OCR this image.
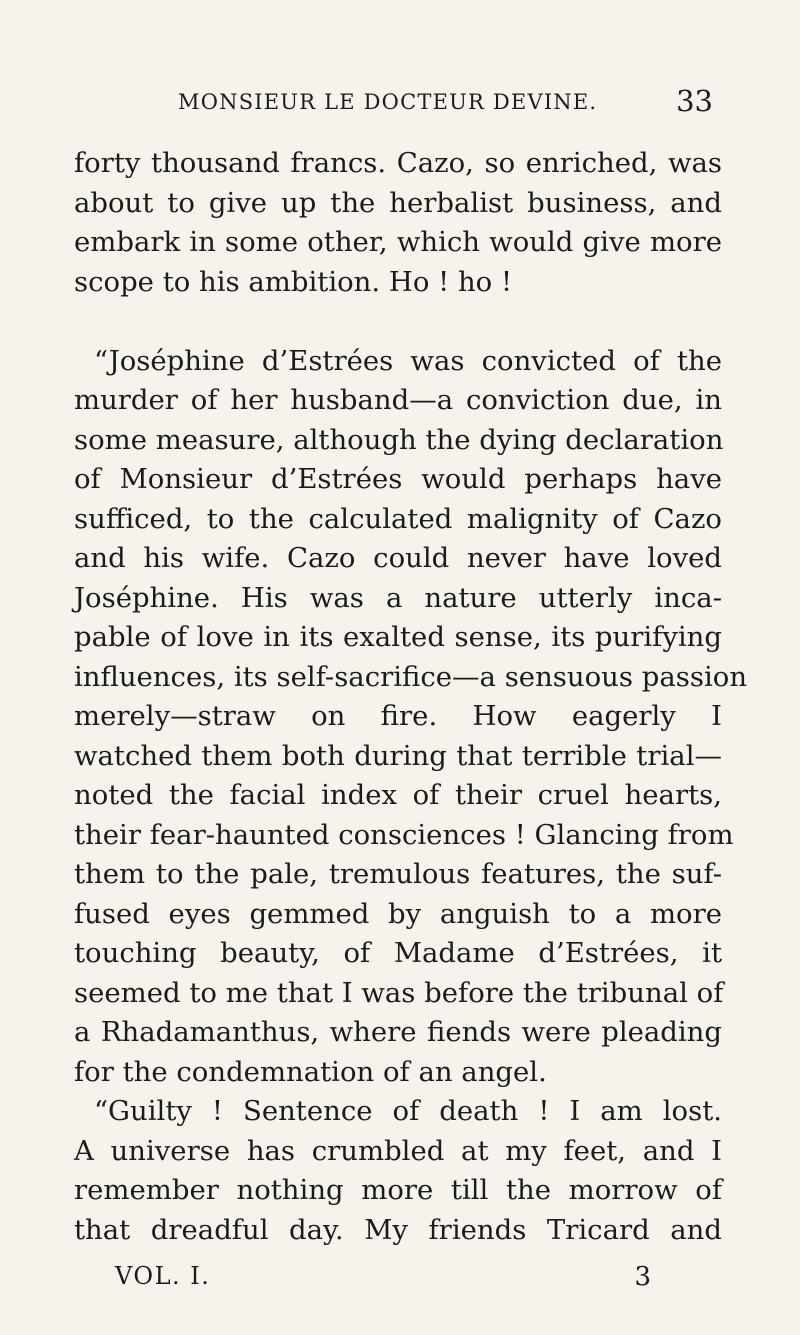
MONSIEUR LE DOCTEUR DEVINE.	33
forty thousand francs. Cazo, so enriched, was
about to give up the herbalist business, and
embark in some other, which would give more
scope to his ambition. Ho ! ho !
“Joséphine d’Estrées was convicted of the
murder of her husband—a conviction due, in
some measure, although the dying declaration
of Monsieur d’Estrées would perhaps have
sufficed, to the calculated malignity of Cazo
and his wife. Cazo could never have loved
Joséphine. His was a nature utterly inca-
pable of love in its exalted sense, its purifying
influences, its self-sacrifice—a sensuous passion
merely—straw on fire. How eagerly I
watched them both during that terrible trial—
noted the facial index of their cruel hearts,
their fear-haunted consciences ! Glancing from
them to the pale, tremulous features, the suf-
fused eyes gemmed by anguish to a more
touching beauty, of Madame d’Estrées, it
seemed to me that I was before the tribunal of
a Rhadamanthus, where fiends were pleading
for the condemnation of an angel.
“Guilty ! Sentence of death ! I am lost.
A universe has crumbled at my feet, and I
remember nothing more till the morrow of
that dreadful day. My friends Tricard and
VOL. I.	3
